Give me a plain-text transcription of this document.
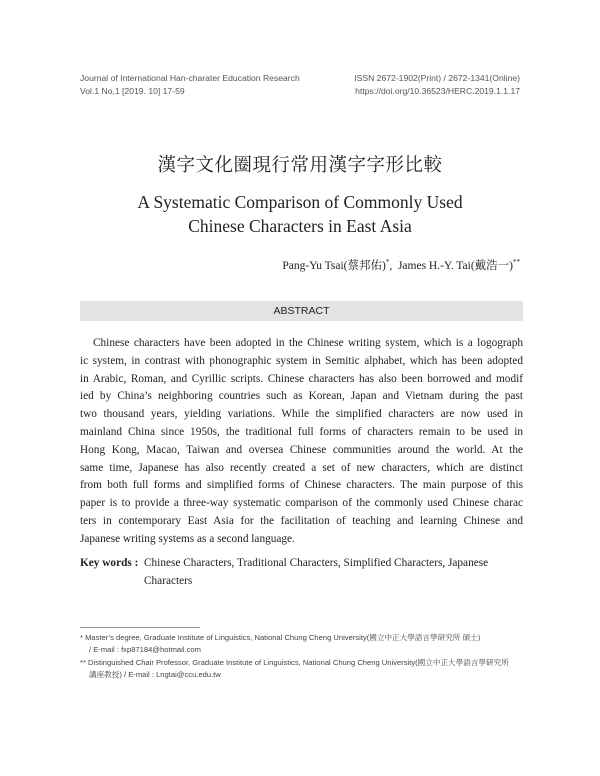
Journal of International Han-charater Education Research
Vol.1 No,1 [2019. 10] 17-59
ISSN 2672-1902(Print) / 2672-1341(Online)
https://doi.org/10.36523/HERC.2019.1.1.17
漢字文化圈現行常用漢字字形比較
A Systematic Comparison of Commonly Used
Chinese Characters in East Asia
Pang-Yu Tsai(蔡邦佑)*, James H.-Y. Tai(戴浩一)**
ABSTRACT
Chinese characters have been adopted in the Chinese writing system, which is a logograph
ic system, in contrast with phonographic system in Semitic alphabet, which has been adopted
in Arabic, Roman, and Cyrillic scripts. Chinese characters has also been borrowed and modif
ied by China’s neighboring countries such as Korean, Japan and Vietnam during the past
two thousand years, yielding variations. While the simplified characters are now used in
mainland China since 1950s, the traditional full forms of characters remain to be used in
Hong Kong, Macao, Taiwan and oversea Chinese communities around the world. At the
same time, Japanese has also recently created a set of new characters, which are distinct
from both full forms and simplified forms of Chinese characters. The main purpose of this
paper is to provide a three-way systematic comparison of the commonly used Chinese charac
ters in contemporary East Asia for the facilitation of teaching and learning Chinese and
Japanese writing systems as a second language.
Key words : Chinese Characters, Traditional Characters, Simplified Characters, Japanese
Characters
* Master’s degree, Graduate Institute of Linguistics, National Chung Cheng University(國立中正大學語言學研究所 碩士)
/ E-mail : fxp87184@hotmail.com
** Distinguished Chair Professor, Graduate Institute of Linguistics, National Chung Cheng University(國立中正大學語言學研究所
講座教授) / E-mail : Lngtai@ccu.edu.tw
